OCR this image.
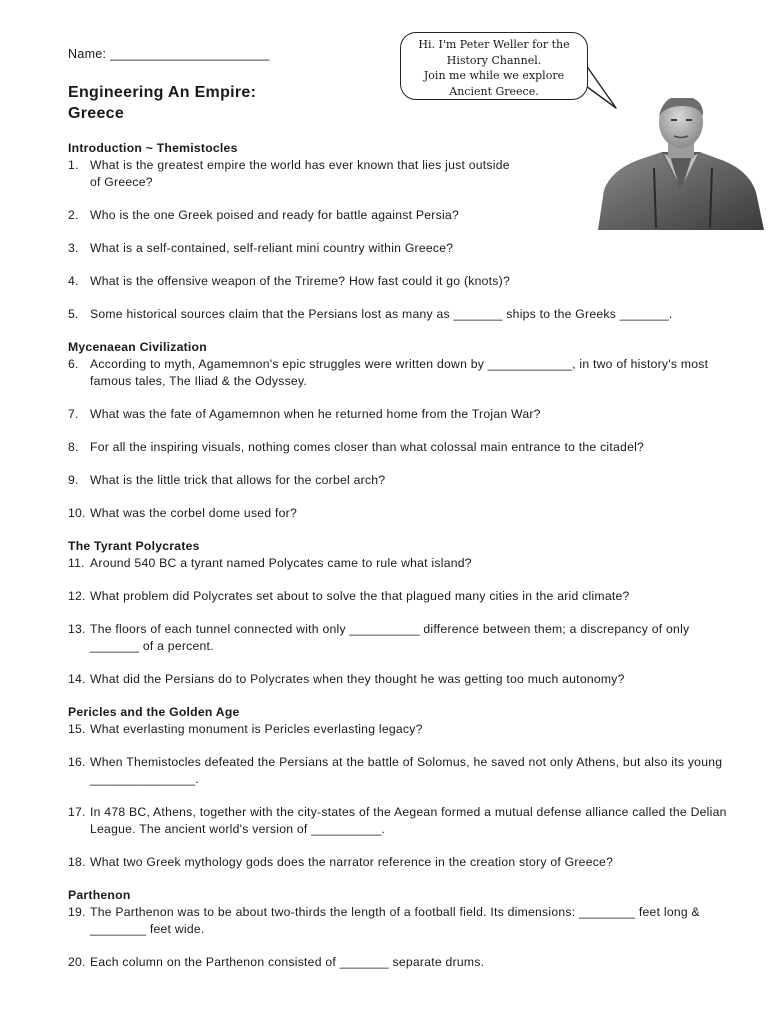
Name: ______________________
Engineering An Empire:
Greece
Hi. I'm Peter Weller for the
History Channel.
Join me while we explore
Ancient Greece.
Introduction ~ Themistocles
1. What is the greatest empire the world has ever known that lies just outside of Greece?
2. Who is the one Greek poised and ready for battle against Persia?
3. What is a self-contained, self-reliant mini country within Greece?
4. What is the offensive weapon of the Trireme? How fast could it go (knots)?
5. Some historical sources claim that the Persians lost as many as _______ ships to the Greeks _______.
Mycenaean Civilization
6. According to myth, Agamemnon's epic struggles were written down by ____________, in two of history's most famous tales, The Iliad & the Odyssey.
7. What was the fate of Agamemnon when he returned home from the Trojan War?
8. For all the inspiring visuals, nothing comes closer than what colossal main entrance to the citadel?
9. What is the little trick that allows for the corbel arch?
10. What was the corbel dome used for?
The Tyrant Polycrates
11. Around 540 BC a tyrant named Polycates came to rule what island?
12. What problem did Polycrates set about to solve the that plagued many cities in the arid climate?
13. The floors of each tunnel connected with only __________ difference between them; a discrepancy of only _______ of a percent.
14. What did the Persians do to Polycrates when they thought he was getting too much autonomy?
Pericles and the Golden Age
15. What everlasting monument is Pericles everlasting legacy?
16. When Themistocles defeated the Persians at the battle of Solomus, he saved not only Athens, but also its young _______________.
17. In 478 BC, Athens, together with the city-states of the Aegean formed a mutual defense alliance called the Delian League. The ancient world's version of __________.
18. What two Greek mythology gods does the narrator reference in the creation story of Greece?
Parthenon
19. The Parthenon was to be about two-thirds the length of a football field. Its dimensions: ________ feet long & ________ feet wide.
20. Each column on the Parthenon consisted of _______ separate drums.
